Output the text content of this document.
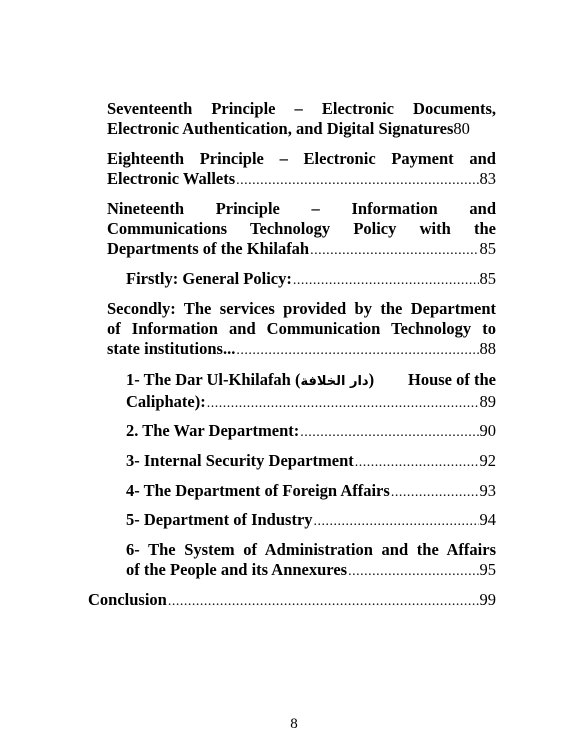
Seventeenth Principle – Electronic Documents,
Electronic Authentication, and Digital Signatures 80
Eighteenth Principle – Electronic Payment and
Electronic Wallets .....	83
Nineteenth Principle – Information and
Communications Technology Policy with the
Departments of the Khilafah .....	85
Firstly: General Policy: .....	85
Secondly: The services provided by the Department
of Information and Communication Technology to
state institutions... .....	88
1- The Dar Ul-Khilafah (دار الخلافة) House of the
Caliphate): .....	89
2. The War Department: .....	90
3- Internal Security Department .....	92
4- The Department of Foreign Affairs .....	93
5- Department of Industry .....	94
6- The System of Administration and the Affairs
of the People and its Annexures .....	95
Conclusion .....	99
8
